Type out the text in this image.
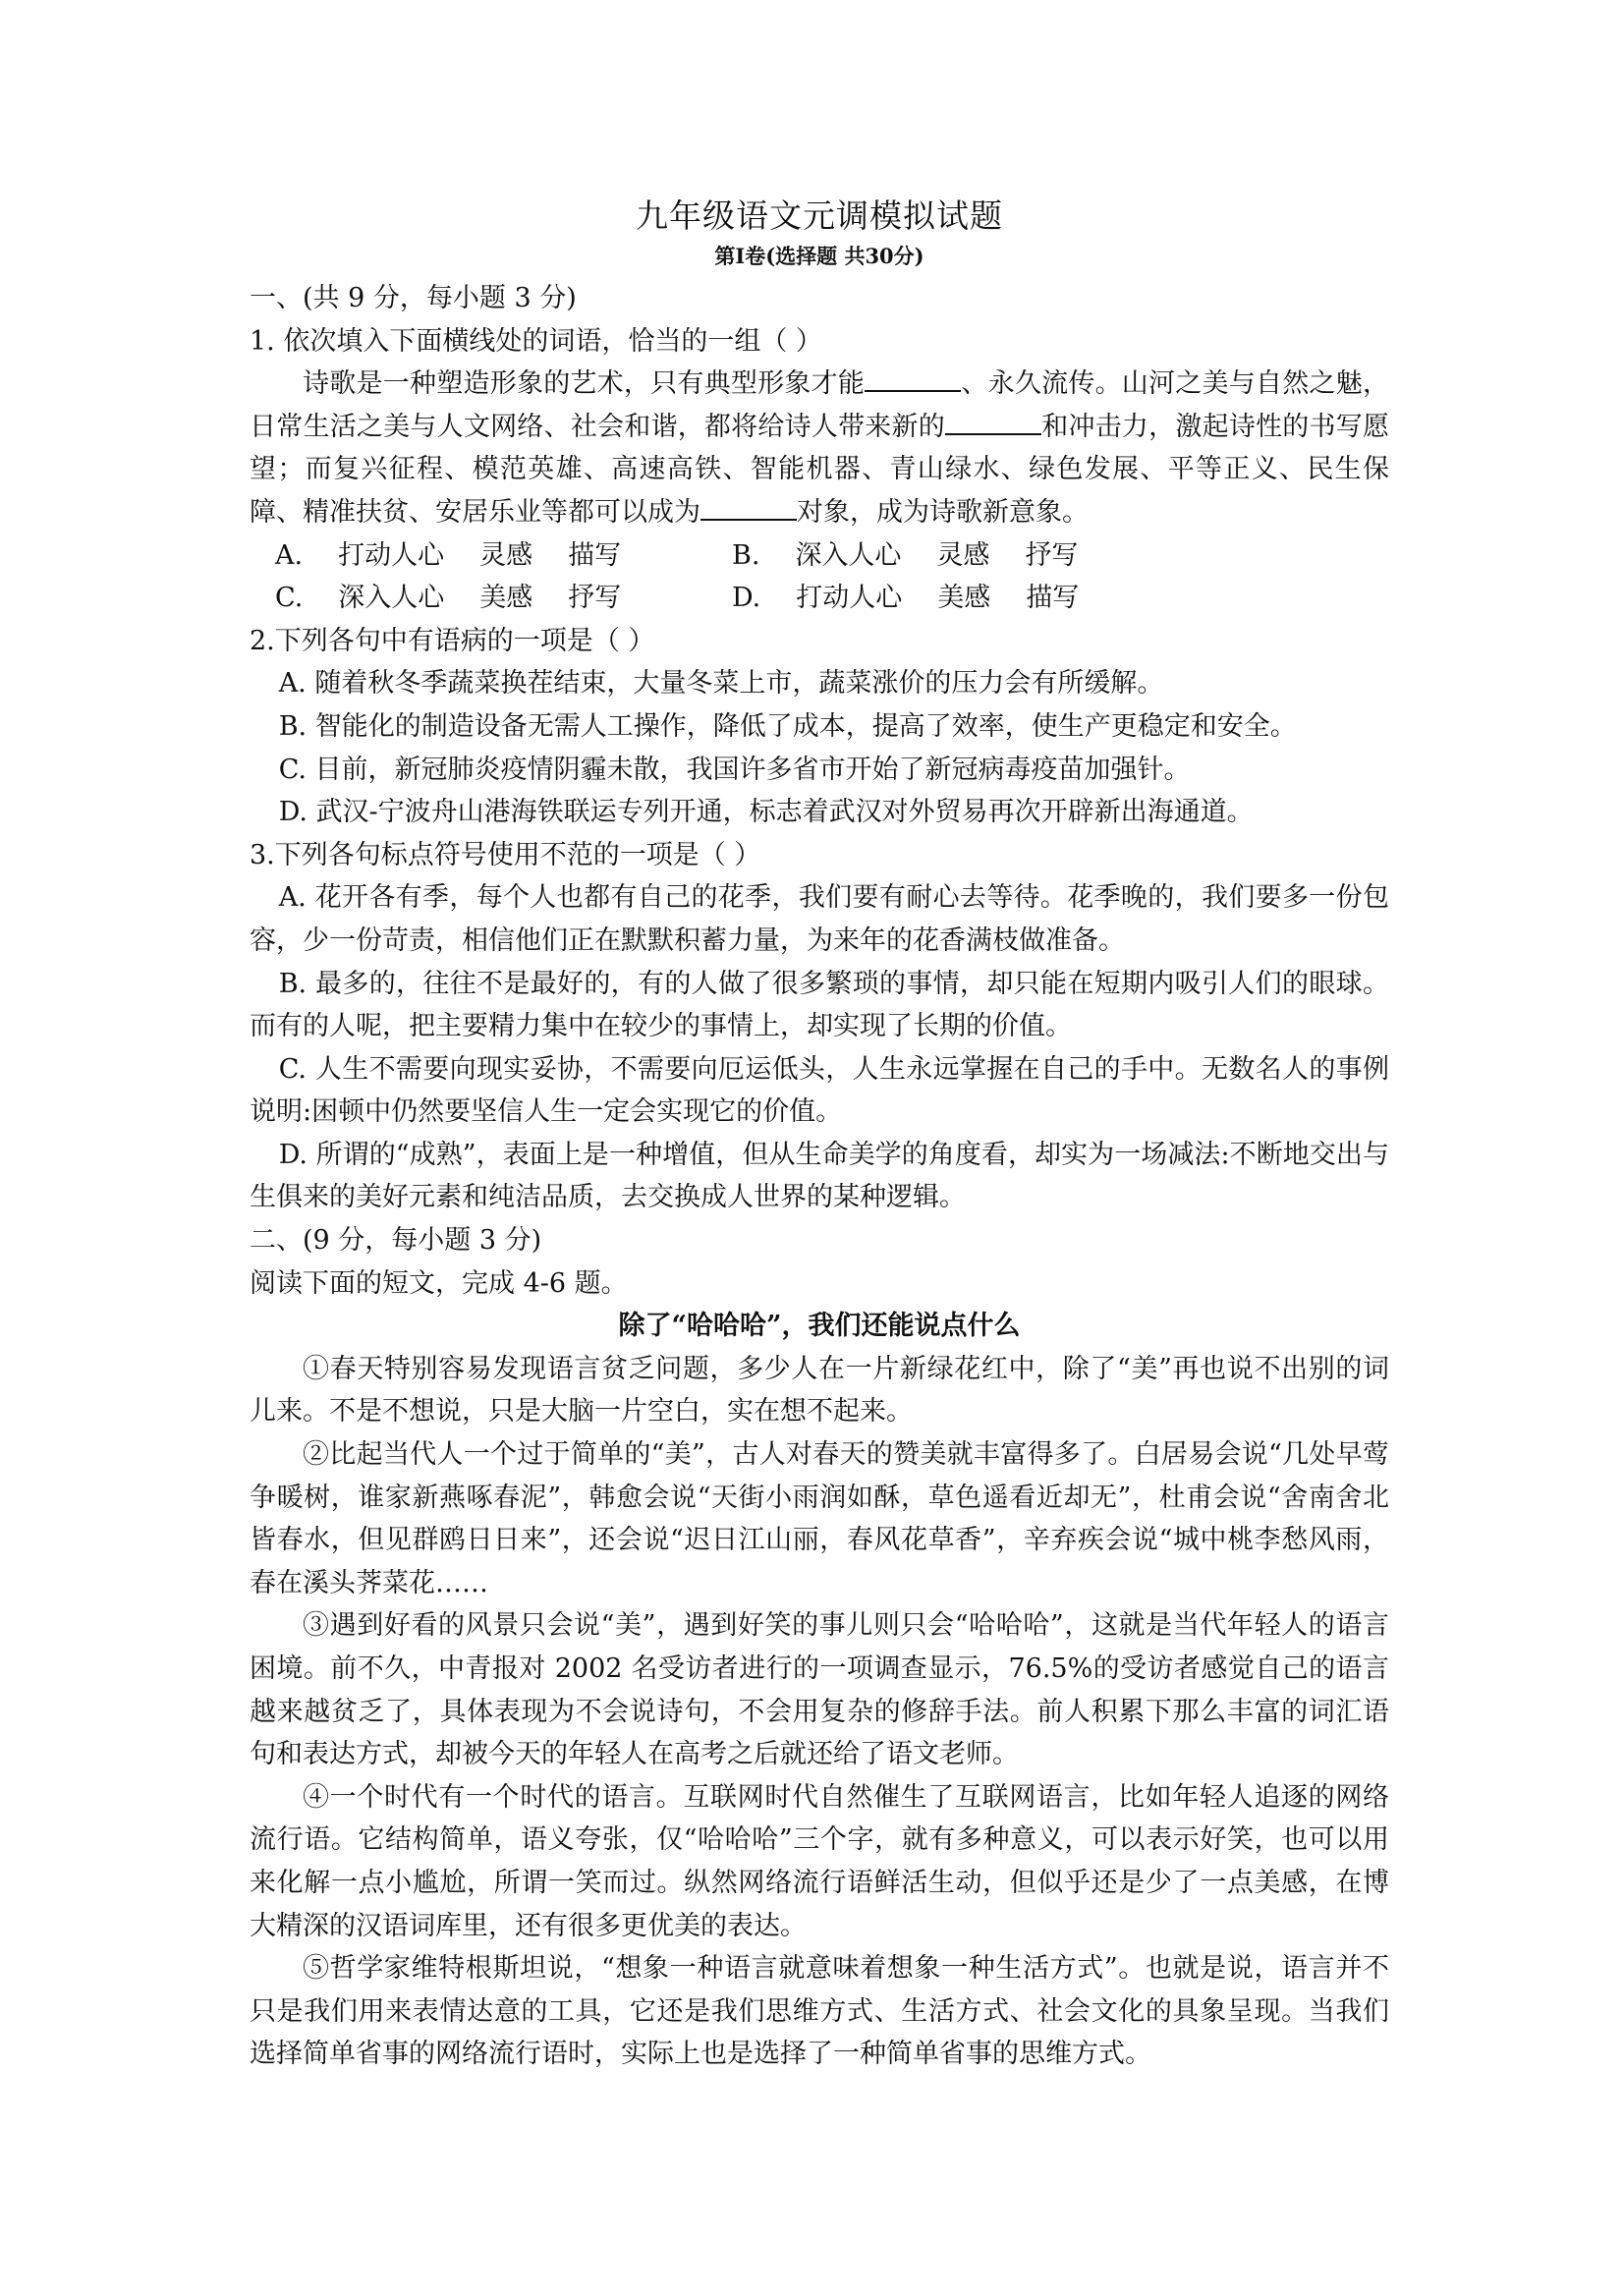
九年级语文元调模拟试题
第Ⅰ卷(选择题 共30分)

一、(共 9 分，每小题 3 分)

1. 依次填入下面横线处的词语，恰当的一组（ ）

诗歌是一种塑造形象的艺术，只有典型形象才能	、永久流传。山河之美与自然之魅，日常生活之美与人文网络、社会和谐，都将给诗人带来新的	和冲击力，激起诗性的书写愿望；而复兴征程、模范英雄、高速高铁、智能机器、青山绿水、绿色发展、平等正义、民生保障、精准扶贫、安居乐业等都可以成为	对象，成为诗歌新意象。

A. 打动人心 灵感 描写	B. 深入人心 灵感 抒写
C. 深入人心 美感 抒写	D. 打动人心 美感 描写

2.下列各句中有语病的一项是（ ）

A. 随着秋冬季蔬菜换茬结束，大量冬菜上市，蔬菜涨价的压力会有所缓解。

B. 智能化的制造设备无需人工操作，降低了成本，提高了效率，使生产更稳定和安全。

C. 目前，新冠肺炎疫情阴霾未散，我国许多省市开始了新冠病毒疫苗加强针。

D. 武汉-宁波舟山港海铁联运专列开通，标志着武汉对外贸易再次开辟新出海通道。

3.下列各句标点符号使用不范的一项是（ ）

A. 花开各有季，每个人也都有自己的花季，我们要有耐心去等待。花季晚的，我们要多一份包容，少一份苛责，相信他们正在默默积蓄力量，为来年的花香满枝做准备。

B. 最多的，往往不是最好的，有的人做了很多繁琐的事情，却只能在短期内吸引人们的眼球。而有的人呢，把主要精力集中在较少的事情上，却实现了长期的价值。

C. 人生不需要向现实妥协，不需要向厄运低头，人生永远掌握在自己的手中。无数名人的事例说明:困顿中仍然要坚信人生一定会实现它的价值。

D. 所谓的“成熟”，表面上是一种增值，但从生命美学的角度看，却实为一场减法:不断地交出与生俱来的美好元素和纯洁品质，去交换成人世界的某种逻辑。

二、(9 分，每小题 3 分)

阅读下面的短文，完成 4-6 题。

除了“哈哈哈”，我们还能说点什么

①春天特别容易发现语言贫乏问题，多少人在一片新绿花红中，除了“美”再也说不出别的词儿来。不是不想说，只是大脑一片空白，实在想不起来。

②比起当代人一个过于简单的“美”，古人对春天的赞美就丰富得多了。白居易会说“几处早莺争暖树，谁家新燕啄春泥”，韩愈会说“天街小雨润如酥，草色遥看近却无”，杜甫会说“舍南舍北皆春水，但见群鸥日日来”，还会说“迟日江山丽，春风花草香”，辛弃疾会说“城中桃李愁风雨，春在溪头荠菜花……

③遇到好看的风景只会说“美”，遇到好笑的事儿则只会“哈哈哈”，这就是当代年轻人的语言困境。前不久，中青报对 2002 名受访者进行的一项调查显示，76.5%的受访者感觉自己的语言越来越贫乏了，具体表现为不会说诗句，不会用复杂的修辞手法。前人积累下那么丰富的词汇语句和表达方式，却被今天的年轻人在高考之后就还给了语文老师。

④一个时代有一个时代的语言。互联网时代自然催生了互联网语言，比如年轻人追逐的网络流行语。它结构简单，语义夸张，仅“哈哈哈”三个字，就有多种意义，可以表示好笑，也可以用来化解一点小尴尬，所谓一笑而过。纵然网络流行语鲜活生动，但似乎还是少了一点美感，在博大精深的汉语词库里，还有很多更优美的表达。

⑤哲学家维特根斯坦说，“想象一种语言就意味着想象一种生活方式”。也就是说，语言并不只是我们用来表情达意的工具，它还是我们思维方式、生活方式、社会文化的具象呈现。当我们选择简单省事的网络流行语时，实际上也是选择了一种简单省事的思维方式。
